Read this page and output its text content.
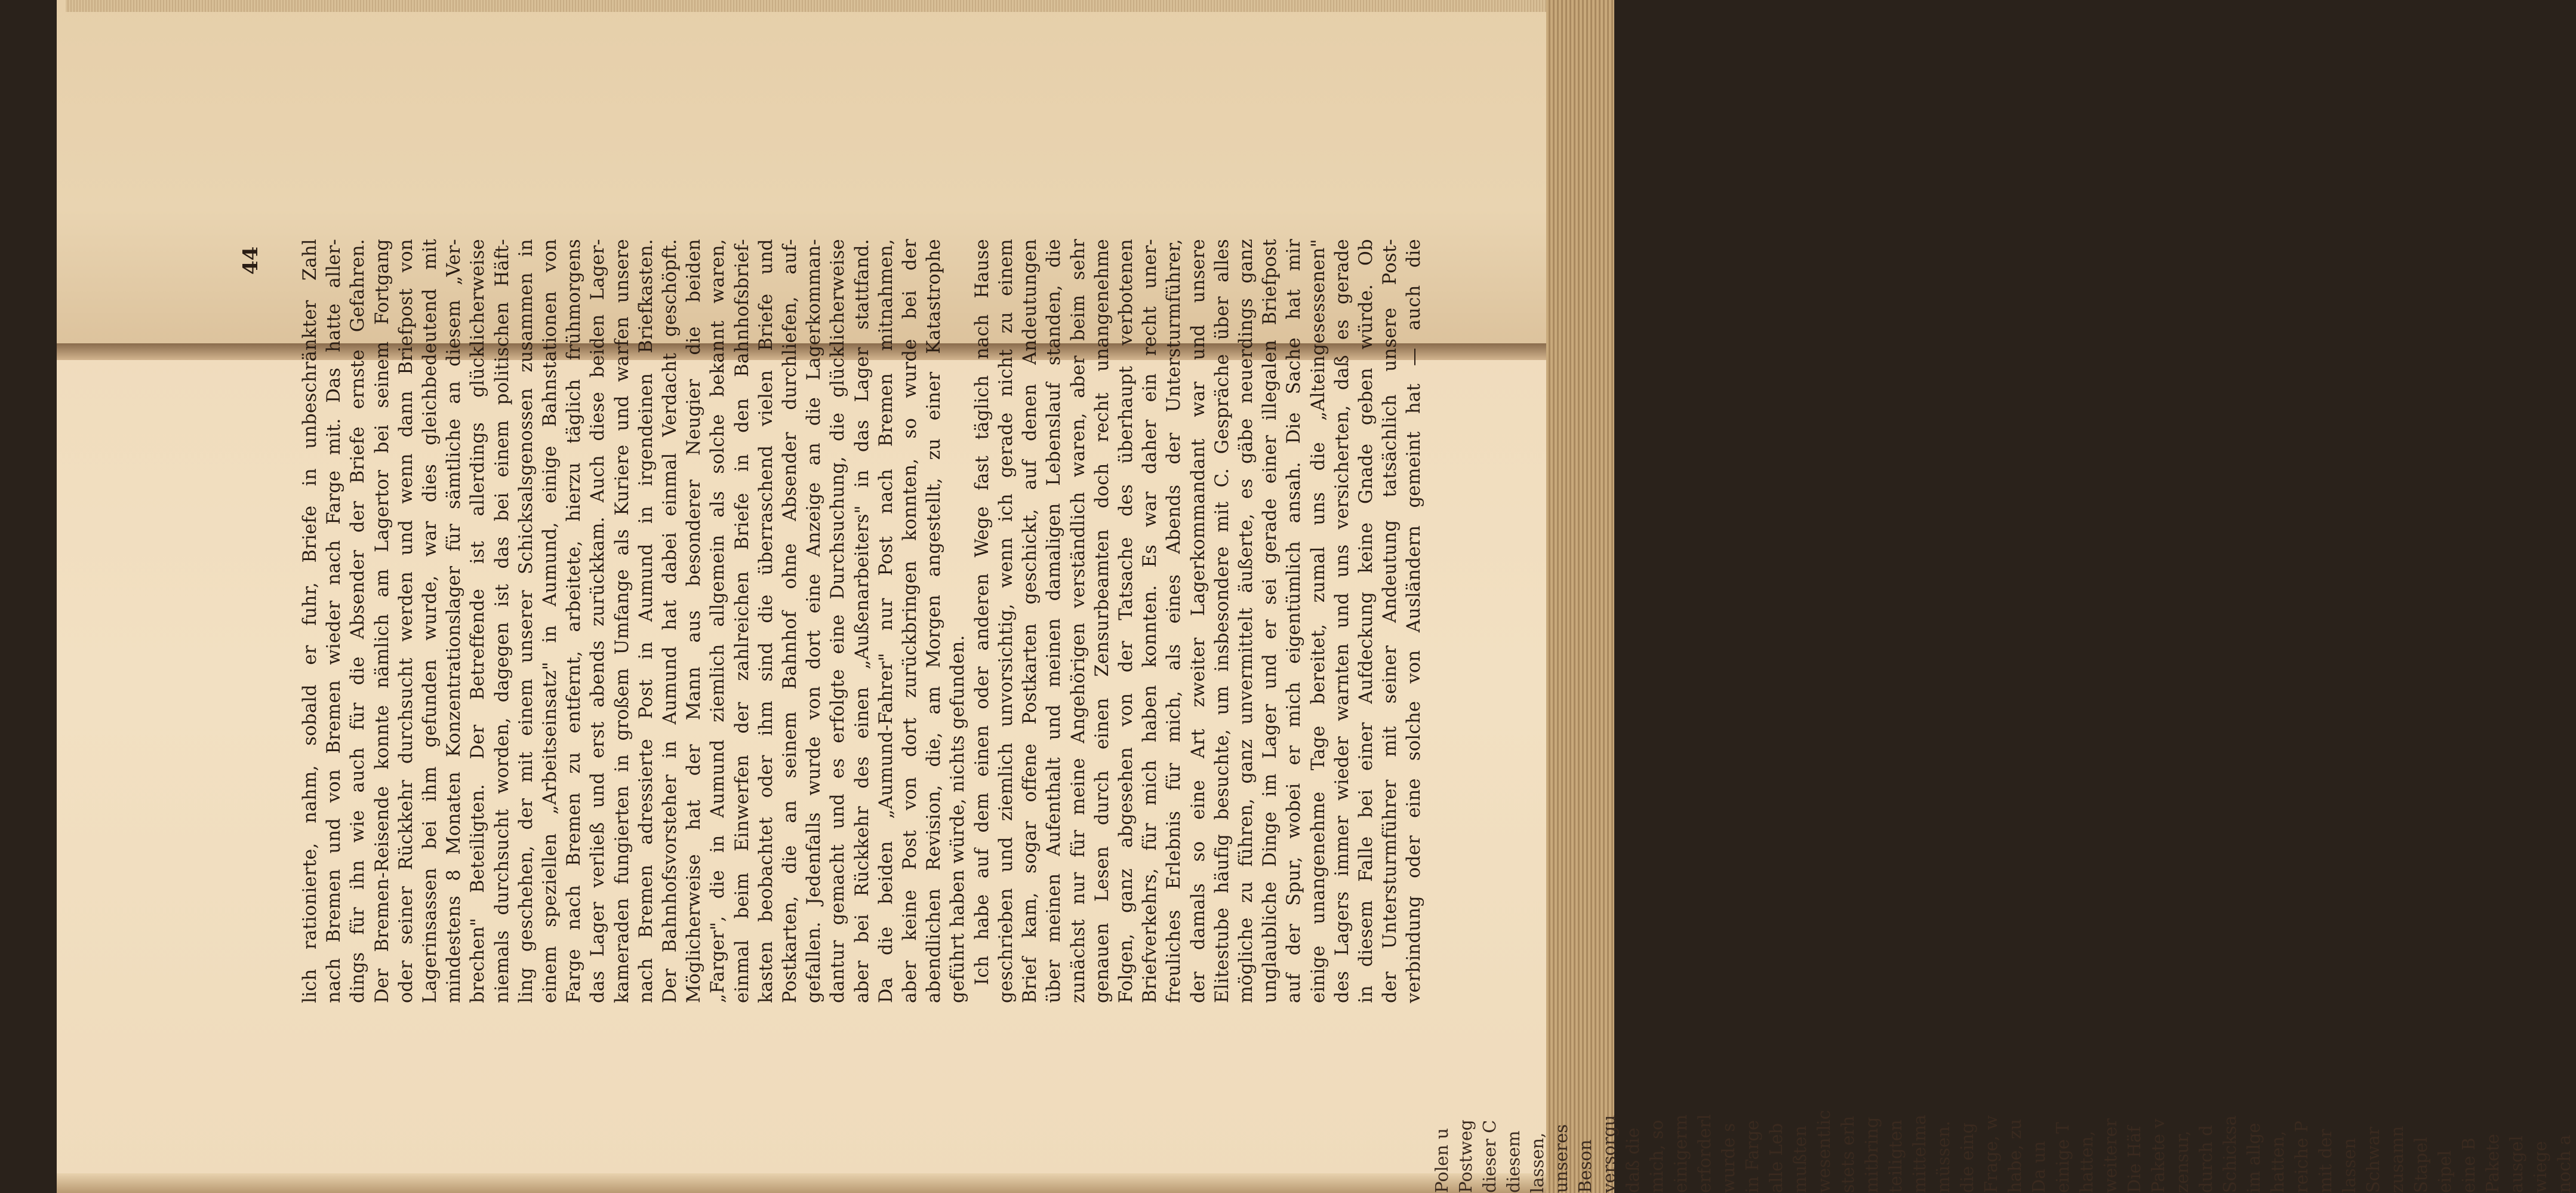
44 lich rationierte, nahm, sobald er fuhr, Briefe in unbeschränkter Zahl nach Bremen und von Bremen wieder nach Farge mit. Das hatte aller- dings für ihn wie auch für die Absender der Briefe ernste Gefahren. Der Bremen-Reisende konnte nämlich am Lagertor bei seinem Fortgang oder seiner Rückkehr durchsucht werden und wenn dann Briefpost von Lagerinsassen bei ihm gefunden wurde, war dies gleichbedeutend mit mindestens 8 Monaten Konzentrationslager für sämtliche an diesem „Ver- brechen" Beteiligten. Der Betreffende ist allerdings glücklicherweise niemals durchsucht worden, dagegen ist das bei einem politischen Häft- ling geschehen, der mit einem unserer Schicksalsgenossen zusammen in einem speziellen „Arbeitseinsatz" in Aumund, einige Bahnstationen von Farge nach Bremen zu entfernt, arbeitete, hierzu täglich frühmorgens das Lager verließ und erst abends zurückkam. Auch diese beiden Lager- kameraden fungierten in großem Umfange als Kuriere und warfen unsere nach Bremen adressierte Post in Aumund in irgendeinen Briefkasten. Der Bahnhofsvorsteher in Aumund hat dabei einmal Verdacht geschöpft. Möglicherweise hat der Mann aus besonderer Neugier die beiden „Farger", die in Aumund ziemlich allgemein als solche bekannt waren, einmal beim Einwerfen der zahlreichen Briefe in den Bahnhofsbrief- kasten beobachtet oder ihm sind die überraschend vielen Briefe und Postkarten, die an seinem Bahnhof ohne Absender durchliefen, auf- gefallen. Jedenfalls wurde von dort eine Anzeige an die Lagerkomman- dantur gemacht und es erfolgte eine Durchsuchung, die glücklicherweise aber bei Rückkehr des einen „Außenarbeiters" in das Lager stattfand. Da die beiden „Aumund-Fahrer" nur Post nach Bremen mitnahmen, aber keine Post von dort zurückbringen konnten, so wurde bei der abendlichen Revision, die, am Morgen angestellt, zu einer Katastrophe geführt haben würde, nichts gefunden. Ich habe auf dem einen oder anderen Wege fast täglich nach Hause geschrieben und ziemlich unvorsichtig, wenn ich gerade nicht zu einem Brief kam, sogar offene Postkarten geschickt, auf denen Andeutungen über meinen Aufenthalt und meinen damaligen Lebenslauf standen, die zunächst nur für meine Angehörigen verständlich waren, aber beim sehr genauen Lesen durch einen Zensurbeamten doch recht unangenehme Folgen, ganz abgesehen von der Tatsache des überhaupt verbotenen Briefverkehrs, für mich haben konnten. Es war daher ein recht uner- freuliches Erlebnis für mich, als eines Abends der Untersturmführer, der damals so eine Art zweiter Lagerkommandant war und unsere Elitestube häufig besuchte, um insbesondere mit C. Gespräche über alles mögliche zu führen, ganz unvermittelt äußerte, es gäbe neuerdings ganz unglaubliche Dinge im Lager und er sei gerade einer illegalen Briefpost auf der Spur, wobei er mich eigentümlich ansah. Die Sache hat mir einige unangenehme Tage bereitet, zumal uns die „Alteingesessenen" des Lagers immer wieder warnten und uns versicherten, daß es gerade in diesem Falle bei einer Aufdeckung keine Gnade geben würde. Ob der Untersturmführer mit seiner Andeutung tatsächlich unsere Post- verbindung oder eine solche von Ausländern gemeint hat — auch die
Polen u Postweg dieser C diesem lassen, unseres Beson versorgu daß die mich, so einigerm erforderl wurde s in Farge alle Leb mußten wesentlic stets erh mitbring teiligten mittelma müssen. die eing Frage, w habe, zu Da un einige T hatten, weiterer Die Häf Pakete v zensur, durch d Schicksa im allge hatten, reiche P mit der lassen Schwar zusamn Stapel eipel eine B Pakete ausgel wiege noch a
